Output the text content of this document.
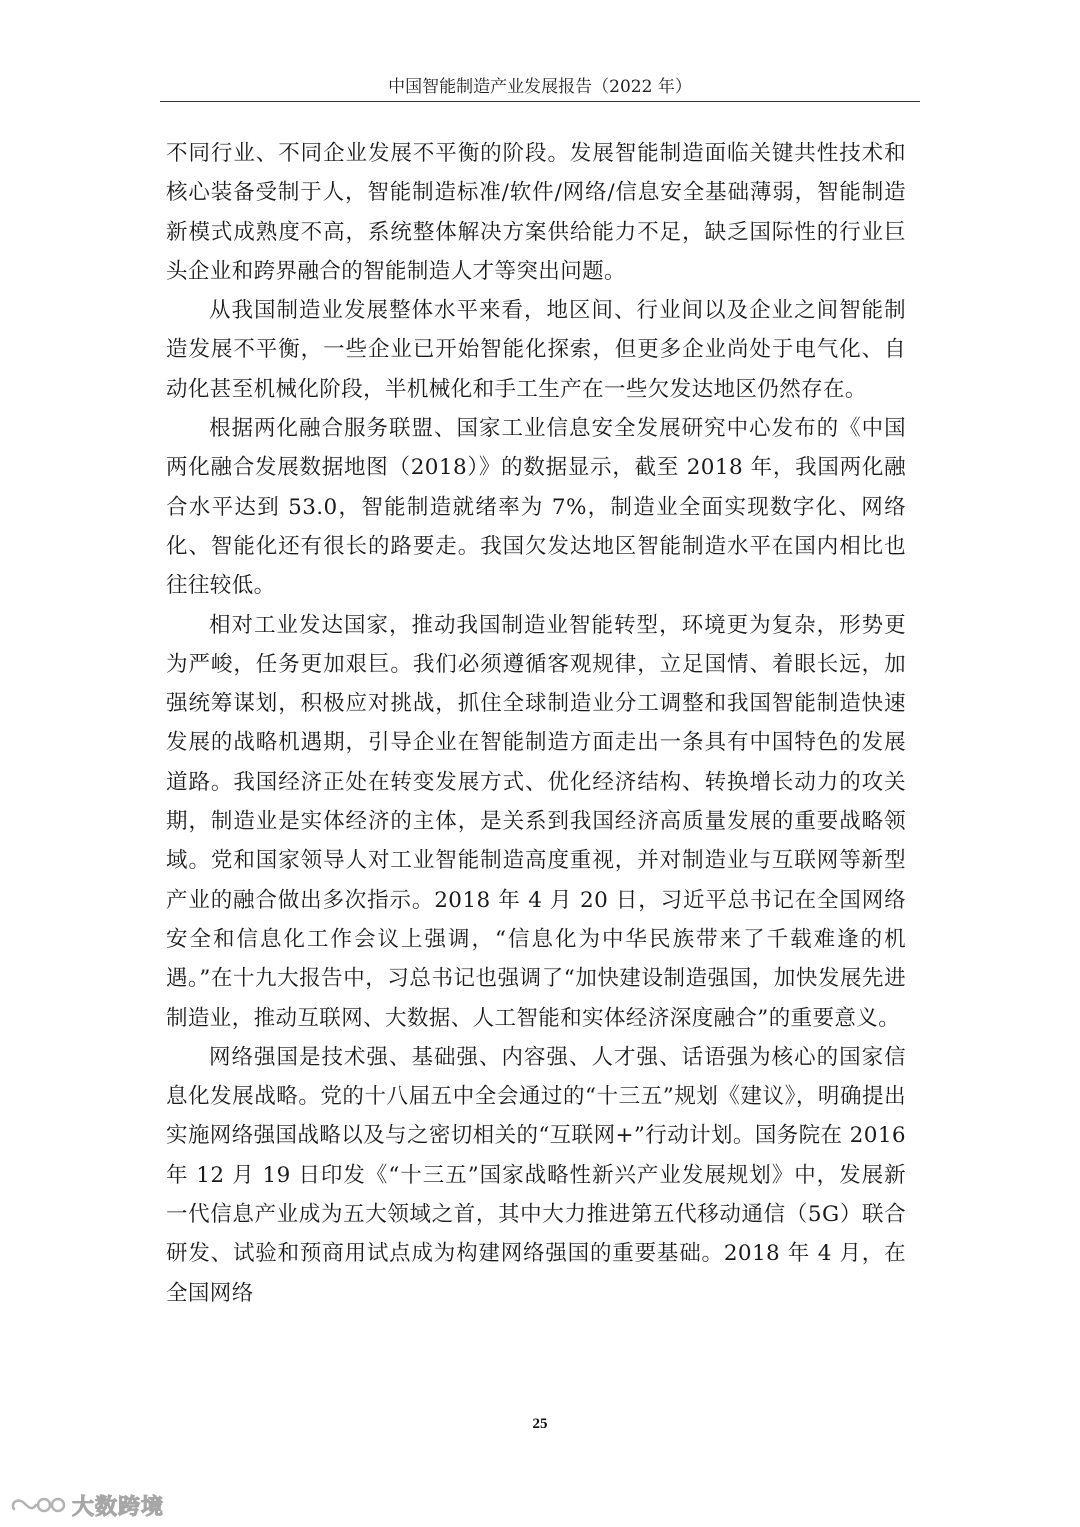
中国智能制造产业发展报告（2022 年）

不同行业、不同企业发展不平衡的阶段。发展智能制造面临关键共性技术和核心装备受制于人，智能制造标准/软件/网络/信息安全基础薄弱，智能制造新模式成熟度不高，系统整体解决方案供给能力不足，缺乏国际性的行业巨头企业和跨界融合的智能制造人才等突出问题。

从我国制造业发展整体水平来看，地区间、行业间以及企业之间智能制造发展不平衡，一些企业已开始智能化探索，但更多企业尚处于电气化、自动化甚至机械化阶段，半机械化和手工生产在一些欠发达地区仍然存在。

根据两化融合服务联盟、国家工业信息安全发展研究中心发布的《中国两化融合发展数据地图（2018）》的数据显示，截至 2018 年，我国两化融合水平达到 53.0，智能制造就绪率为 7%，制造业全面实现数字化、网络化、智能化还有很长的路要走。我国欠发达地区智能制造水平在国内相比也往往较低。

相对工业发达国家，推动我国制造业智能转型，环境更为复杂，形势更为严峻，任务更加艰巨。我们必须遵循客观规律，立足国情、着眼长远，加强统筹谋划，积极应对挑战，抓住全球制造业分工调整和我国智能制造快速发展的战略机遇期，引导企业在智能制造方面走出一条具有中国特色的发展道路。我国经济正处在转变发展方式、优化经济结构、转换增长动力的攻关期，制造业是实体经济的主体，是关系到我国经济高质量发展的重要战略领域。党和国家领导人对工业智能制造高度重视，并对制造业与互联网等新型产业的融合做出多次指示。2018 年 4 月 20 日，习近平总书记在全国网络安全和信息化工作会议上强调，“信息化为中华民族带来了千载难逢的机遇。”在十九大报告中，习总书记也强调了“加快建设制造强国，加快发展先进制造业，推动互联网、大数据、人工智能和实体经济深度融合”的重要意义。

网络强国是技术强、基础强、内容强、人才强、话语强为核心的国家信息化发展战略。党的十八届五中全会通过的“十三五”规划《建议》，明确提出实施网络强国战略以及与之密切相关的“互联网+”行动计划。国务院在 2016 年 12 月 19 日印发《“十三五”国家战略性新兴产业发展规划》中，发展新一代信息产业成为五大领域之首，其中大力推进第五代移动通信（5G）联合研发、试验和预商用试点成为构建网络强国的重要基础。2018 年 4 月，在全国网络

25
大数跨境
